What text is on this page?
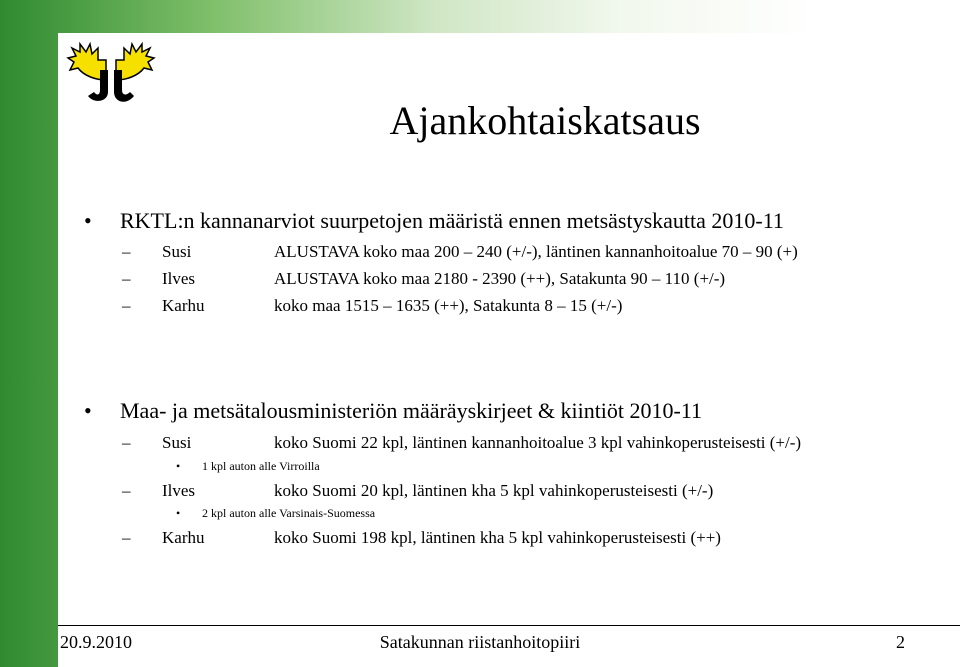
JL	Ajankohtaiskatsaus
• RKTL:n kannanarviot suurpetojen määristä ennen metsästyskautta 2010-11
– Susi	ALUSTAVA koko maa 200 – 240 (+/-), läntinen kannanhoitoalue 70 – 90 (+)
– Ilves	ALUSTAVA koko maa 2180 - 2390 (++), Satakunta 90 – 110 (+/-)
– Karhu	koko maa 1515 – 1635 (++), Satakunta 8 – 15 (+/-)
• Maa- ja metsätalousministeriön määräyskirjeet & kiintiöt 2010-11
– Susi	koko Suomi 22 kpl, läntinen kannanhoitoalue 3 kpl vahinkoperusteisesti (+/-)
• 1 kpl auton alle Virroilla
– Ilves	koko Suomi 20 kpl, läntinen kha 5 kpl vahinkoperusteisesti (+/-)
• 2 kpl auton alle Varsinais-Suomessa
– Karhu	koko Suomi 198 kpl, läntinen kha 5 kpl vahinkoperusteisesti (++)
20.9.2010	Satakunnan riistanhoitopiiri	2
